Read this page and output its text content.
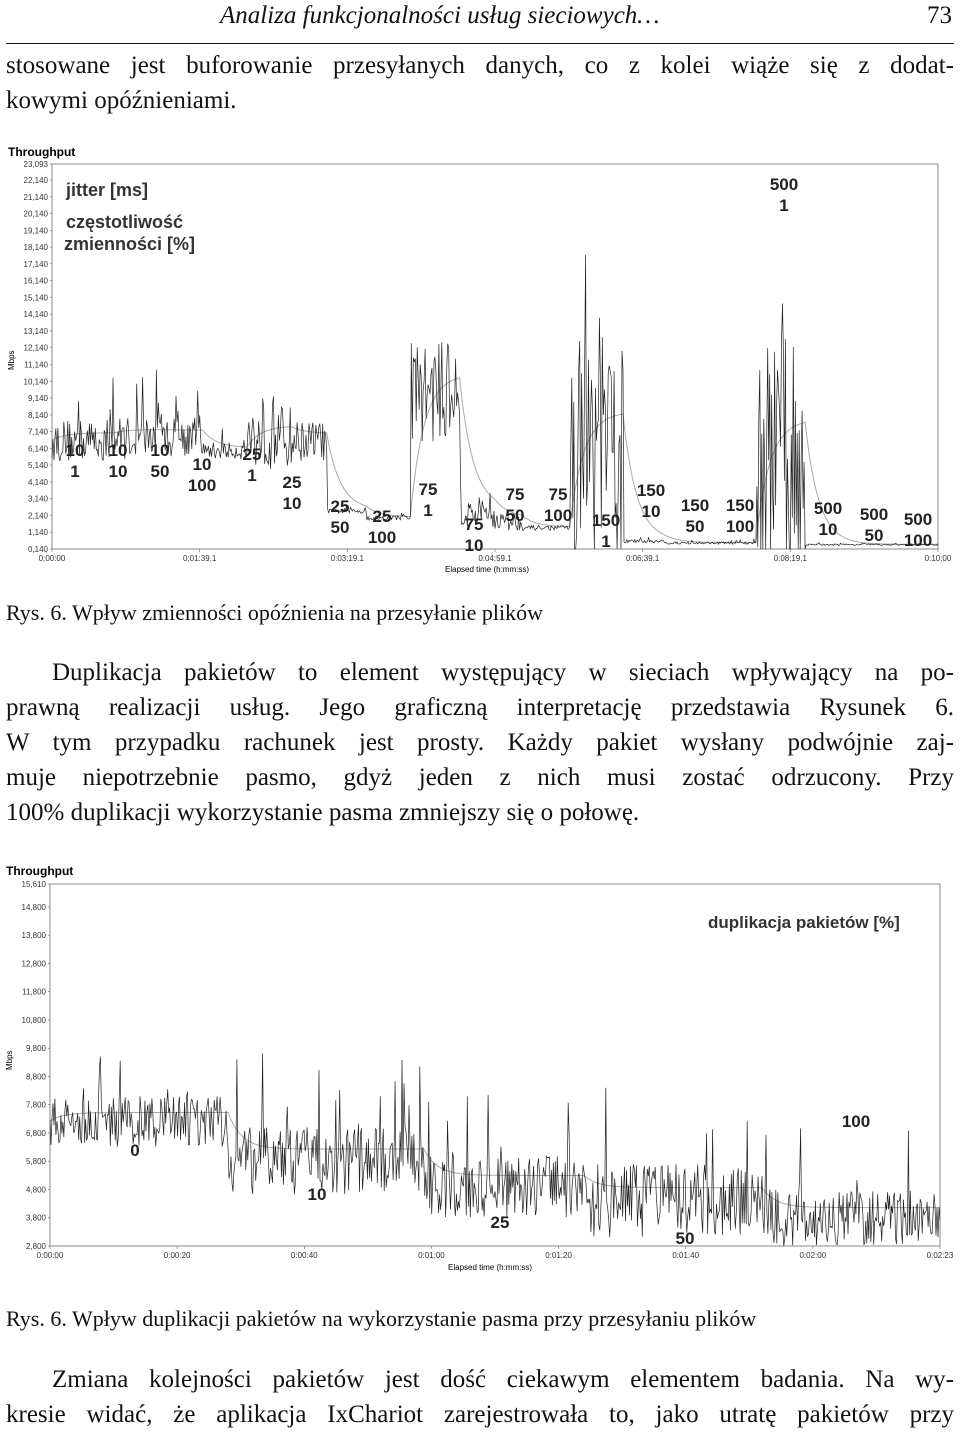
Analiza funkcjonalności usług sieciowych…	73
stosowane jest buforowanie przesyłanych danych, co z kolei wiąże się z dodat-
kowymi opóźnieniami.
Throughput
Mbps
23,093
22,140
21,140
20,140
19,140
18,140
17,140
16,140
15,140
14,140
13,140
12,140
11,140
10,140
9,140
8,140
7,140
6,140
5,140
4,140
3,140
2,140
1,140
0,140
0:00:00	0:01:39.1	0:03:19.1	0:04:59.1	0:06:39.1	0:08:19.1	0:10:00
10
1
10
10
10
50 10
100
25
1 25
10 25
50
25
100
75
1
75
10
75
50
75
100 150
1
150
10 150
50
150
100
500
1
500
10
500
50
500
100
jitter [ms]
częstotliwość
zmienności [%]
Elapsed time (h:mm:ss)
Rys. 6. Wpływ zmienności opóźnienia na przesyłanie plików
Duplikacja pakietów to element występujący w sieciach wpływający na po-
prawną realizacji usług. Jego graficzną interpretację przedstawia Rysunek 6.
W tym przypadku rachunek jest prosty. Każdy pakiet wysłany podwójnie zaj-
muje niepotrzebnie pasmo, gdyż jeden z nich musi zostać odrzucony. Przy
100% duplikacji wykorzystanie pasma zmniejszy się o połowę.
Throughput
Mbps
15,610
14,800
13,800
12,800
11,800
10,800
9,800
8,800
7,800
6,800
5,800
4,800
3,800
2,800
0:00:00	0:00:20	0:00:40	0:01:00	0:01:20	0:01:40	0:02:00	0:02:23
0
10
25
50
100
duplikacja pakietów [%]
Elapsed time (h:mm:ss)
Rys. 6. Wpływ duplikacji pakietów na wykorzystanie pasma przy przesyłaniu plików
Zmiana kolejności pakietów jest dość ciekawym elementem badania. Na wy-
kresie widać, że aplikacja IxChariot zarejestrowała to, jako utratę pakietów przy
